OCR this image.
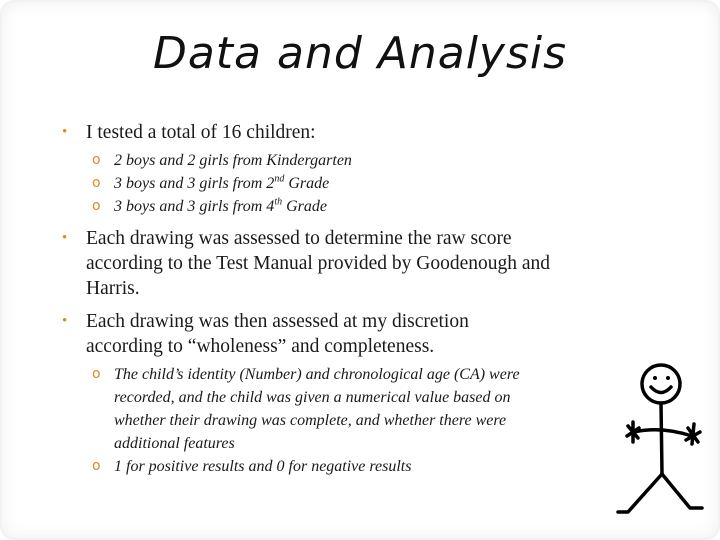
Data and Analysis
• I tested a total of 16 children:
o 2 boys and 2 girls from Kindergarten
o 3 boys and 3 girls from 2nd Grade
o 3 boys and 3 girls from 4th Grade
• Each drawing was assessed to determine the raw score
according to the Test Manual provided by Goodenough and
Harris.
• Each drawing was then assessed at my discretion
according to “wholeness” and completeness.
o The child’s identity (Number) and chronological age (CA) were
recorded, and the child was given a numerical value based on
whether their drawing was complete, and whether there were
additional features
o 1 for positive results and 0 for negative results
